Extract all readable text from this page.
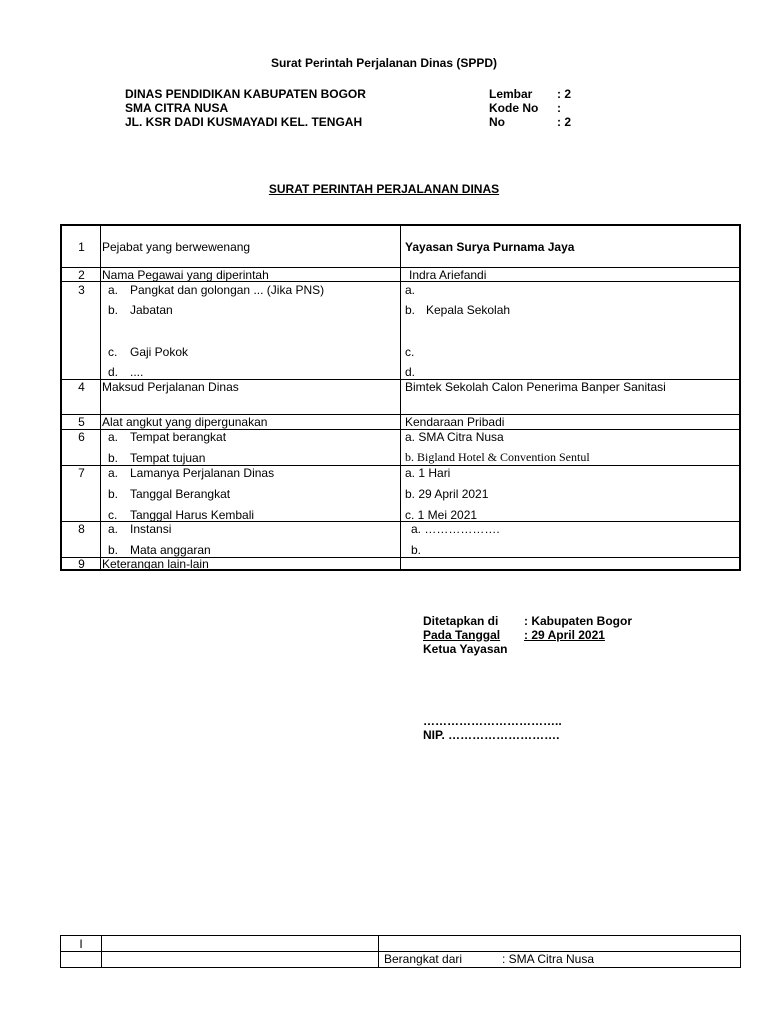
Surat Perintah Perjalanan Dinas (SPPD)
DINAS PENDIDIKAN KABUPATEN BOGOR
SMA CITRA NUSA
JL. KSR DADI KUSMAYADI KEL. TENGAH
Lembar : 2
Kode No :
No	: 2
SURAT PERINTAH PERJALANAN DINAS
1	Pejabat yang berwewenang	Yayasan Surya Purnama Jaya
2	Nama Pegawai yang diperintah	Indra Ariefandi
3	a. Pangkat dan golongan ... (Jika PNS)	a.
b. Jabatan	b. Kepala Sekolah
c. Gaji Pokok	c.
d. ....	d.
4	Maksud Perjalanan Dinas	Bimtek Sekolah Calon Penerima Banper Sanitasi
5	Alat angkut yang dipergunakan	Kendaraan Pribadi
6	a. Tempat berangkat	a. SMA Citra Nusa
b. Tempat tujuan	b. Bigland Hotel & Convention Sentul
7	a. Lamanya Perjalanan Dinas	a. 1 Hari
b. Tanggal Berangkat	b. 29 April 2021
c. Tanggal Harus Kembali	c. 1 Mei 2021
8	a. Instansi	a. ……………….
b. Mata anggaran	b.
9	Keterangan lain-lain
Ditetapkan di : Kabupaten Bogor
Pada Tanggal : 29 April 2021
Ketua Yayasan
……………………………..
NIP. ……………………….
I
Berangkat dari	: SMA Citra Nusa
